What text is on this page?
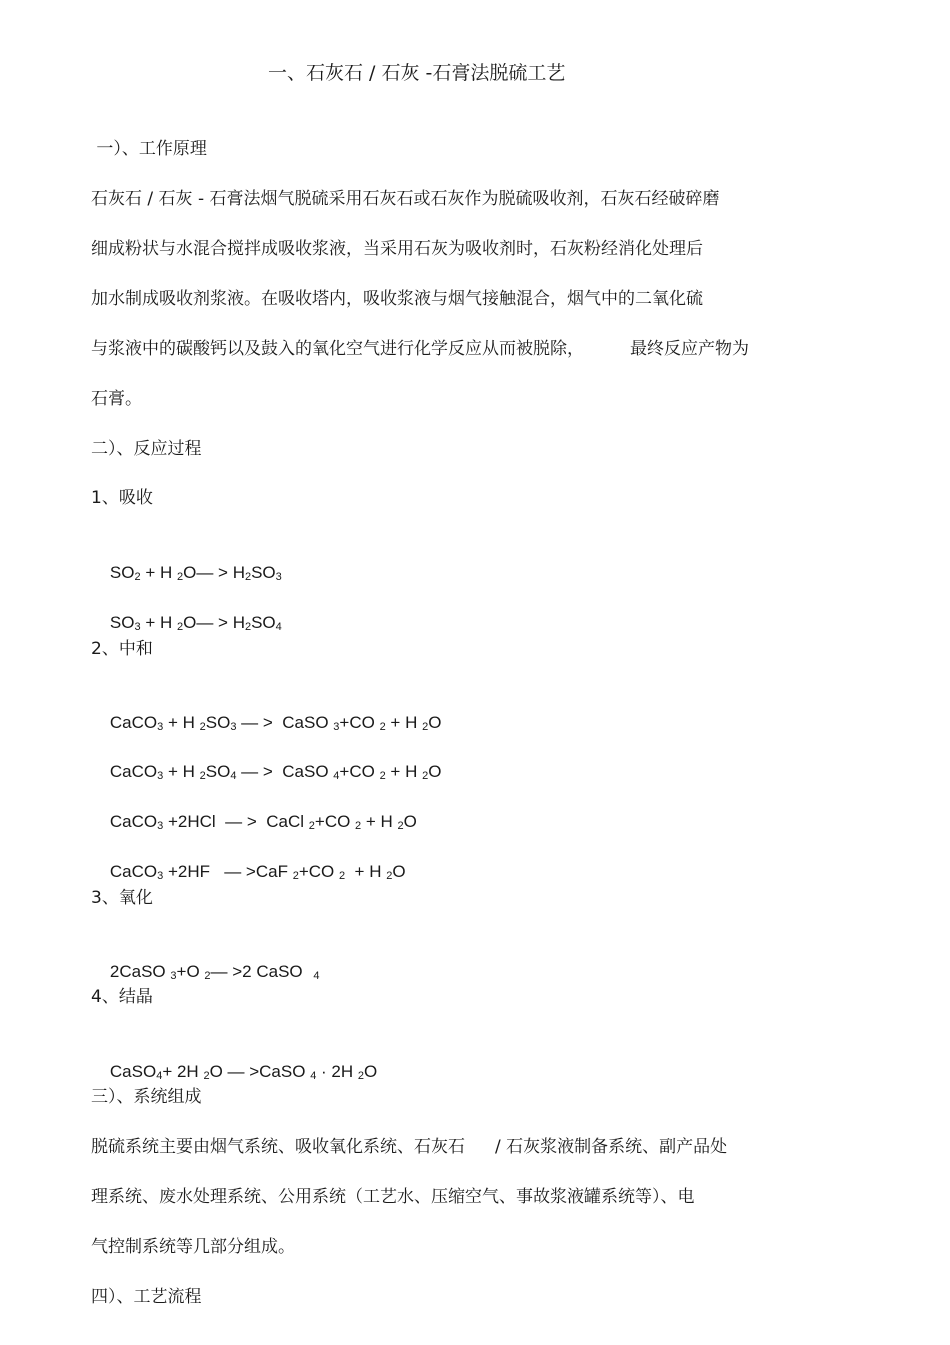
一、石灰石 / 石灰 -石膏法脱硫工艺
一）、工作原理
石灰石 / 石灰 - 石膏法烟气脱硫采用石灰石或石灰作为脱硫吸收剂，石灰石经破碎磨
细成粉状与水混合搅拌成吸收浆液，当采用石灰为吸收剂时，石灰粉经消化处理后
加水制成吸收剂浆液。在吸收塔内，吸收浆液与烟气接触混合，烟气中的二氧化硫
与浆液中的碳酸钙以及鼓入的氧化空气进行化学反应从而被脱除，	最终反应产物为
石膏。
二）、反应过程
1、吸收

SO2 + H 2O— > H2SO3

SO3 + H 2O— > H2SO4

2、中和

CaCO3 + H 2SO3 — >  CaSO 3+CO 2 + H 2O

CaCO3 + H 2SO4 — >  CaSO 4+CO 2 + H 2O

CaCO3 +2HCl  — >  CaCl 2+CO 2 + H 2O

CaCO3 +2HF   — >CaF 2+CO 2  + H 2O

3、氧化

2CaSO 3+O 2— >2 CaSO 4

4、结晶

CaSO4+ 2H 2O — >CaSO 4 · 2H 2O

三）、系统组成
脱硫系统主要由烟气系统、吸收氧化系统、石灰石 / 石灰浆液制备系统、副产品处
理系统、废水处理系统、公用系统（工艺水、压缩空气、事故浆液罐系统等）、电
气控制系统等几部分组成。
四）、工艺流程
